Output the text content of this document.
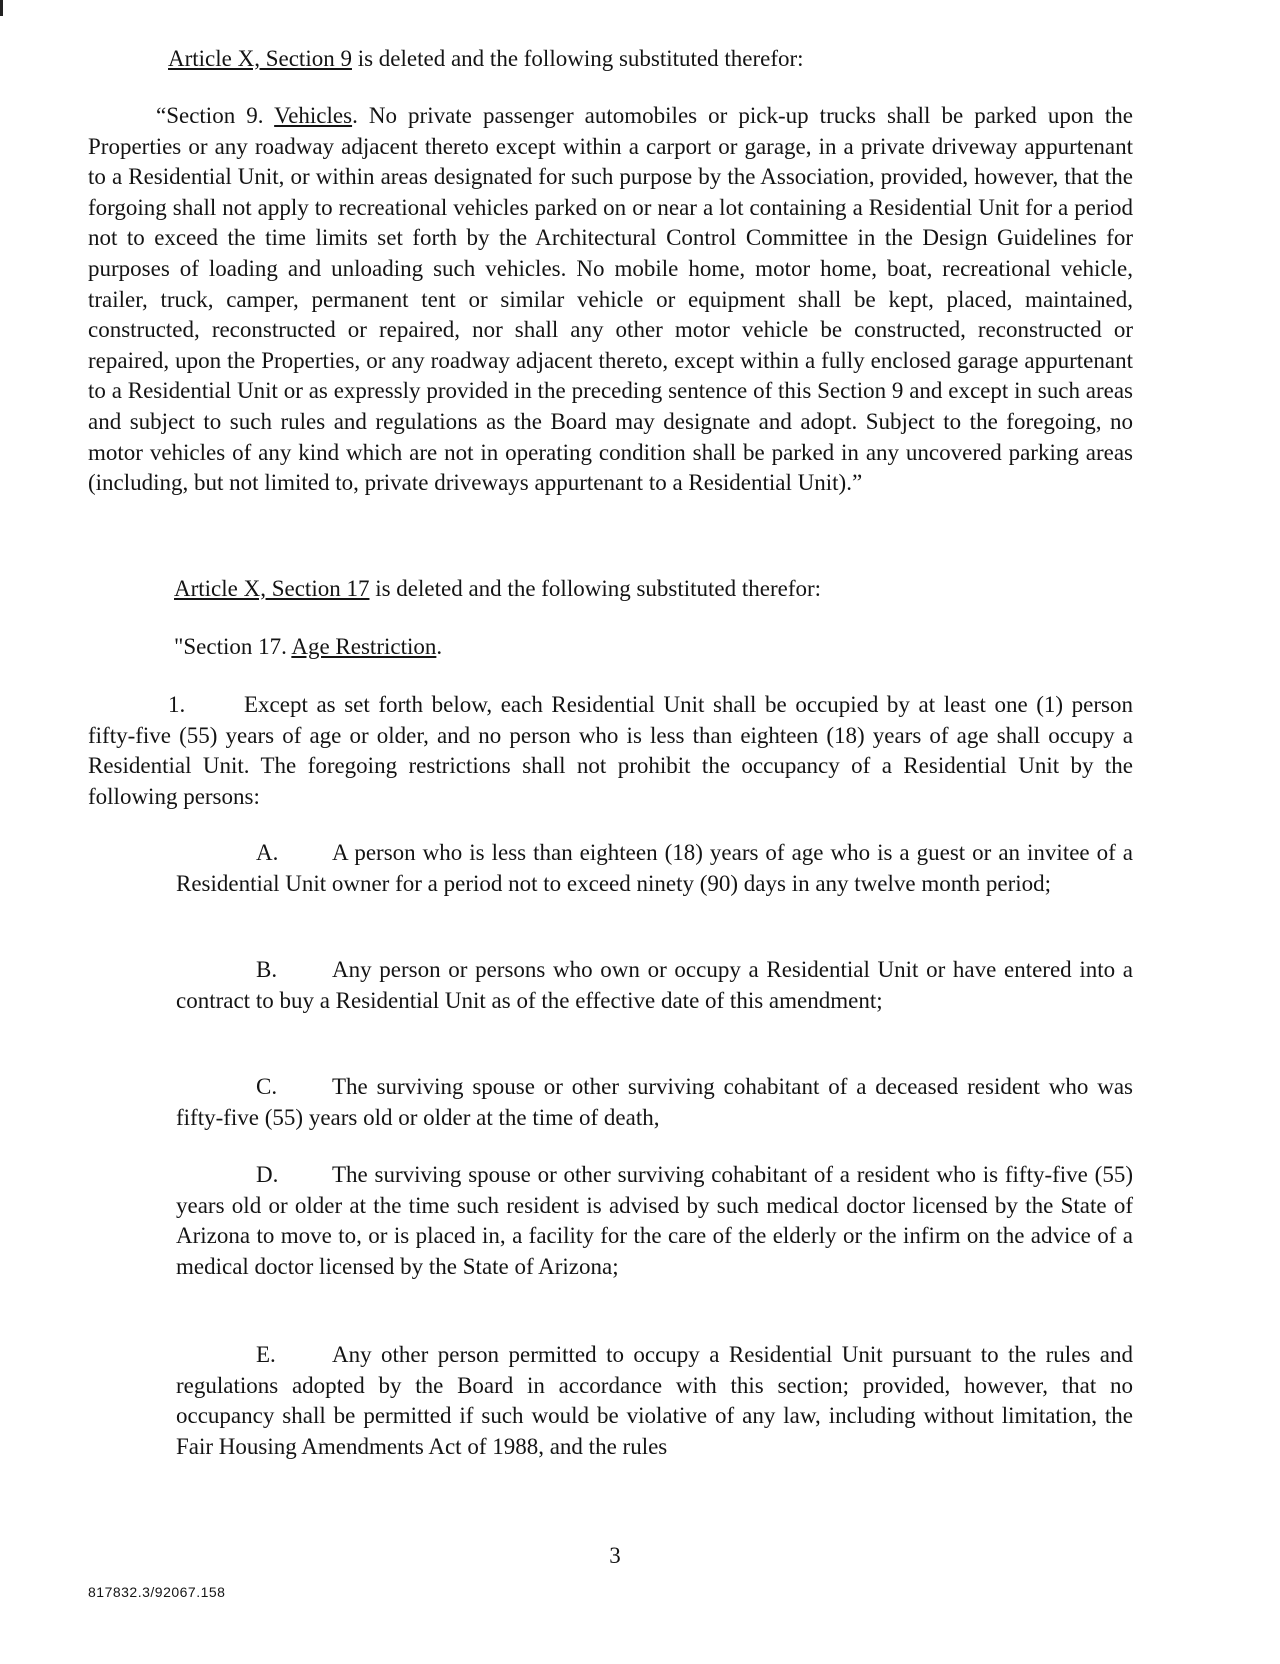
Article X, Section 9 is deleted and the following substituted therefor:
“Section 9. Vehicles. No private passenger automobiles or pick-up trucks shall be parked upon the Properties or any roadway adjacent thereto except within a carport or garage, in a private driveway appurtenant to a Residential Unit, or within areas designated for such purpose by the Association, provided, however, that the forgoing shall not apply to recreational vehicles parked on or near a lot containing a Residential Unit for a period not to exceed the time limits set forth by the Architectural Control Committee in the Design Guidelines for purposes of loading and unloading such vehicles. No mobile home, motor home, boat, recreational vehicle, trailer, truck, camper, permanent tent or similar vehicle or equipment shall be kept, placed, maintained, constructed, reconstructed or repaired, nor shall any other motor vehicle be constructed, reconstructed or repaired, upon the Properties, or any roadway adjacent thereto, except within a fully enclosed garage appurtenant to a Residential Unit or as expressly provided in the preceding sentence of this Section 9 and except in such areas and subject to such rules and regulations as the Board may designate and adopt. Subject to the foregoing, no motor vehicles of any kind which are not in operating condition shall be parked in any uncovered parking areas (including, but not limited to, private driveways appurtenant to a Residential Unit).”
Article X, Section 17 is deleted and the following substituted therefor:
"Section 17. Age Restriction.
1.	Except as set forth below, each Residential Unit shall be occupied by at least one (1) person fifty-five (55) years of age or older, and no person who is less than eighteen (18) years of age shall occupy a Residential Unit. The foregoing restrictions shall not prohibit the occupancy of a Residential Unit by the following persons:
A. A person who is less than eighteen (18) years of age who is a guest or an invitee of a Residential Unit owner for a period not to exceed ninety (90) days in any twelve month period;
B. Any person or persons who own or occupy a Residential Unit or have entered into a contract to buy a Residential Unit as of the effective date of this amendment;
C. The surviving spouse or other surviving cohabitant of a deceased resident who was fifty-five (55) years old or older at the time of death,
D. The surviving spouse or other surviving cohabitant of a resident who is fifty-five (55) years old or older at the time such resident is advised by such medical doctor licensed by the State of Arizona to move to, or is placed in, a facility for the care of the elderly or the infirm on the advice of a medical doctor licensed by the State of Arizona;
E. Any other person permitted to occupy a Residential Unit pursuant to the rules and regulations adopted by the Board in accordance with this section; provided, however, that no occupancy shall be permitted if such would be violative of any law, including without limitation, the Fair Housing Amendments Act of 1988, and the rules
3
817832.3/92067.158
